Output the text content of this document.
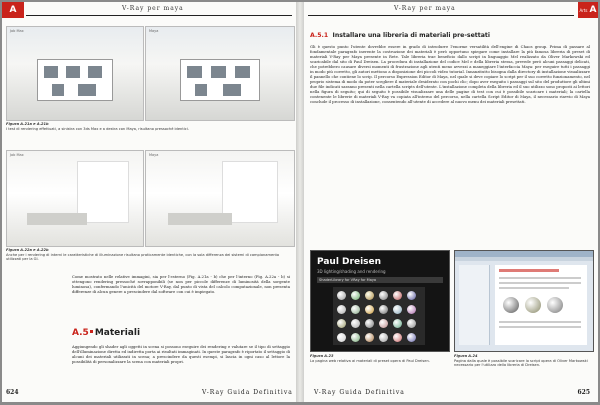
A	V-Ray per maya
Job Max	Maya
Figura A.21a e A.21b
I test di rendering effettuati, a sinistra con 3ds Max e a destra con Maya, risultano pressoché identici.
Job Max	Maya
Figura A.22a e A.22b
Anche per i rendering di interni le caratteristiche di illuminazione risultano praticamente identiche, con la sola differenza dei sistemi di campionamento utilizzati per la GI.
Come mostrato nelle relative immagini, sia per l'esterno (Fig. A.21a - b) che per l'interno (Fig. A.22a - b) si ottengono rendering pressoché sovrapponibili (se non per piccole differenze di luminosità della sorgente luminosa), confermando l'unicità del motore V-Ray, dal punto di vista del calcolo computazionale, non presenta differenze di alcun genere a prescindere dal software con cui è impiegato.
A.5 Materiali
Aggiungendo gli shader agli oggetti in scena si possono eseguire dei rendering e valutare se il tipo di settaggio dell'illuminazione diretta ed indiretta porta ai risultati immaginati. In queste paragrafo è riportato il settaggio di alcuni dei materiali utilizzati in scena; a prescindere da questi esempi, si lascia in ogni caso al lettore la possibilità di personalizzare la scena con materiali propri.
624	V-Ray Guida Definitiva
V-Ray per maya	Arts A
A.5.1 Installare una libreria di materiali pre-settati
Gli è questo punto l'utente dovrebbe essere in grado di introdurre l'enorme versatilità dell'engine di Chaos group. Prima di passare al fondamentale paragrafo inerente la costruzione dei materiali è però opportuno spiegare come installare la più famosa libreria di preset di materiali V-Ray per Maya presente in Rete. Tale libreria trae beneficio dallo script in linguaggio Mel realizzato da Oliver Markowski ed scaricabile dal sito di Paul Dreisen. La procedura di installazione del codice Mel e della libreria stessa, prevede però alcuni passaggi delicati, che potrebbero causare diversi momenti di frustrazione agli utenti meno avvezzi a maneggiare l'interfaccia Maya: per eseguire tutti i passaggi in modo più corretto, gli autori mettono a disposizione dei piccoli video tutorial. Innanzitutto bisogna dalla directory di installazione visualizzare il pannello che contiene lo scrip. Il percorso Expression Editor di Maya, nel quale si deve copiare lo script per il suo corretto funzionamento, nel proprio sistema di modo da poter scegliere il materiale desiderato con pochi clic; dopo aver eseguito i passaggi sul sito del produttore gli ultimi due file indicati saranno presenti nella cartella scripts dell'utente. L'installazione completa della libreria ed il suo utilizzo sono proposti ai lettori nella figura di seguito; qui di seguito è possibile visualizzare una delle pagine di test con cui è possibile scaricare i materiali; la cartella contenente le librerie di materiali V-Ray va copiata all'interno del percorso, nella cartella Script Editor di Maya, il necessario riavvio di Maya conclude il processo di installazione, consentendo all'utente di accedere al nuovo menu dei materiali presettati.
Paul Dreisen
3D lighting/shading and rendering
ShaderLibrary for VRay for Maya
Figura A.23
La pagina web relativa ai materiali di preset opera di Paul Dreisen.
Figura A.24
Pagina dalla quale è possibile scaricare lo script opera di Oliver Markowski necessario per l'utilizzo della libreria di Dreisen.
V-Ray Guida Definitiva	625
